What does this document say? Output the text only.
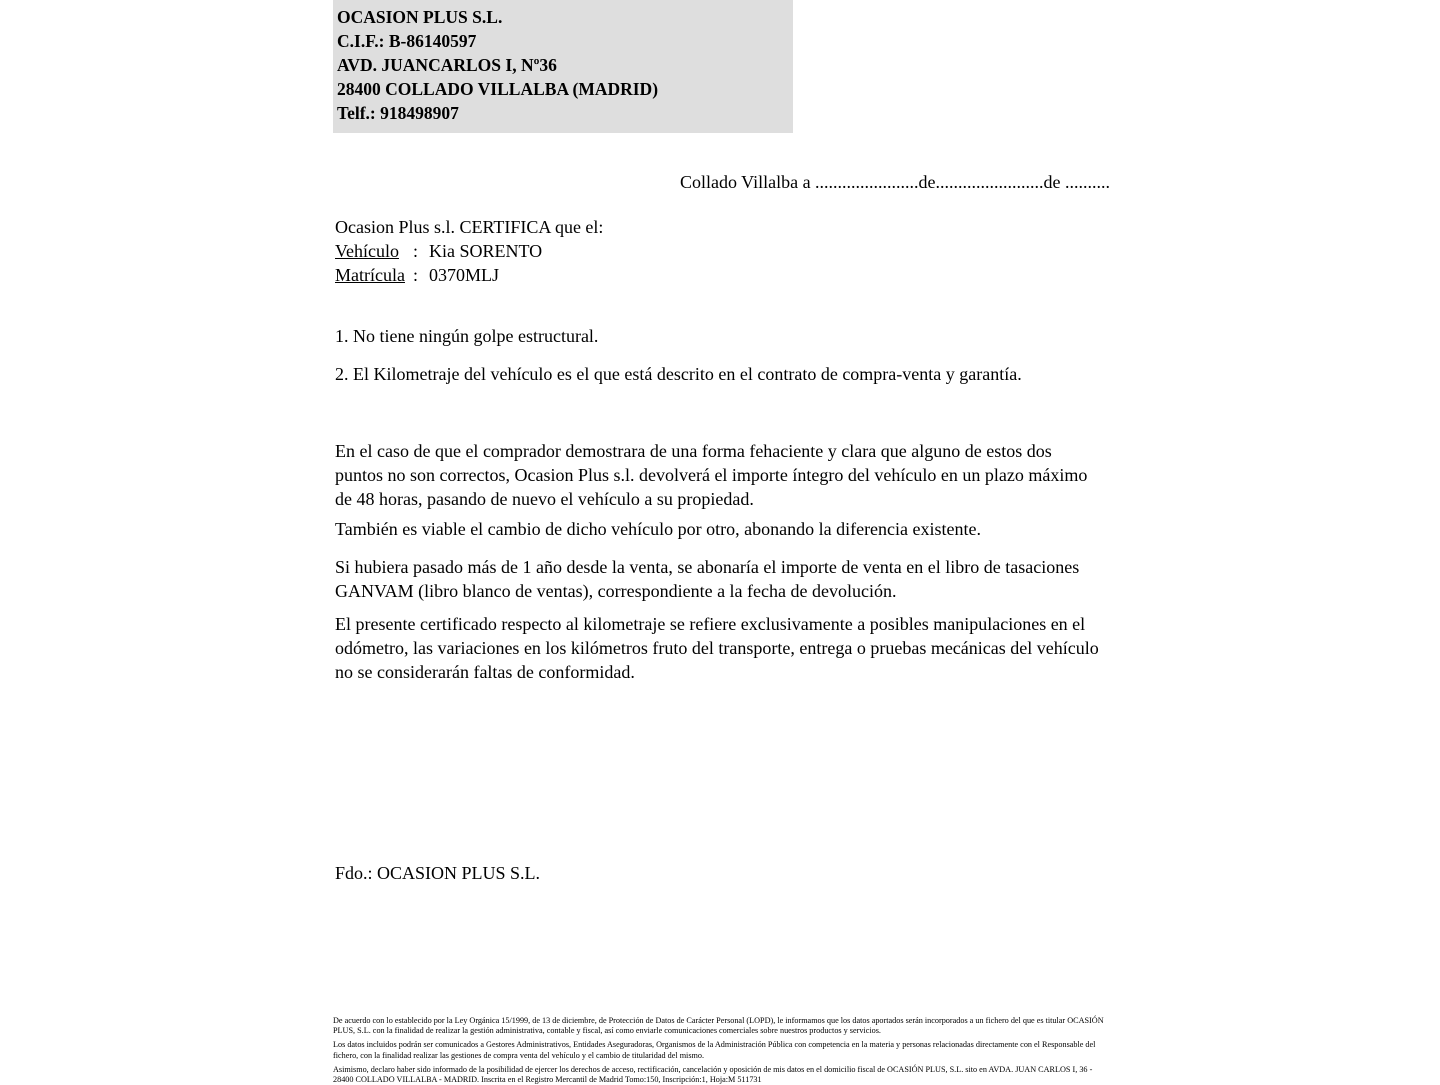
OCASION PLUS S.L.
C.I.F.: B-86140597
AVD. JUANCARLOS I, Nº36
28400 COLLADO VILLALBA (MADRID)
Telf.: 918498907
Collado Villalba a .......................de........................de ..........
Ocasion Plus s.l. CERTIFICA que el:
Vehículo : Kia SORENTO
Matrícula : 0370MLJ
1. No tiene ningún golpe estructural.
2. El Kilometraje del vehículo es el que está descrito en el contrato de compra-venta y garantía.
En el caso de que el comprador demostrara de una forma fehaciente y clara que alguno de estos dos puntos no son correctos, Ocasion Plus s.l. devolverá el importe íntegro del vehículo en un plazo máximo de 48 horas, pasando de nuevo el vehículo a su propiedad.
También es viable el cambio de dicho vehículo por otro, abonando la diferencia existente.
Si hubiera pasado más de 1 año desde la venta, se abonaría el importe de venta en el libro de tasaciones GANVAM (libro blanco de ventas), correspondiente a la fecha de devolución.
El presente certificado respecto al kilometraje se refiere exclusivamente a posibles manipulaciones en el odómetro, las variaciones en los kilómetros fruto del transporte, entrega o pruebas mecánicas del vehículo no se considerarán faltas de conformidad.
Fdo.: OCASION PLUS S.L.

De acuerdo con lo establecido por la Ley Orgánica 15/1999, de 13 de diciembre, de Protección de Datos de Carácter Personal (LOPD), le informamos que los datos aportados serán incorporados a un fichero del que es titular OCASIÓN PLUS, S.L. con la finalidad de realizar la gestión administrativa, contable y fiscal, así como enviarle comunicaciones comerciales sobre nuestros productos y servicios.

Los datos incluidos podrán ser comunicados a Gestores Administrativos, Entidades Aseguradoras, Organismos de la Administración Pública con competencia en la materia y personas relacionadas directamente con el Responsable del fichero, con la finalidad realizar las gestiones de compra venta del vehículo y el cambio de titularidad del mismo.

Asimismo, declaro haber sido informado de la posibilidad de ejercer los derechos de acceso, rectificación, cancelación y oposición de mis datos en el domicilio fiscal de OCASIÓN PLUS, S.L. sito en AVDA. JUAN CARLOS I, 36 - 28400 COLLADO VILLALBA - MADRID. Inscrita en el Registro Mercantil de Madrid Tomo:150, Inscripción:1, Hoja:M 511731
